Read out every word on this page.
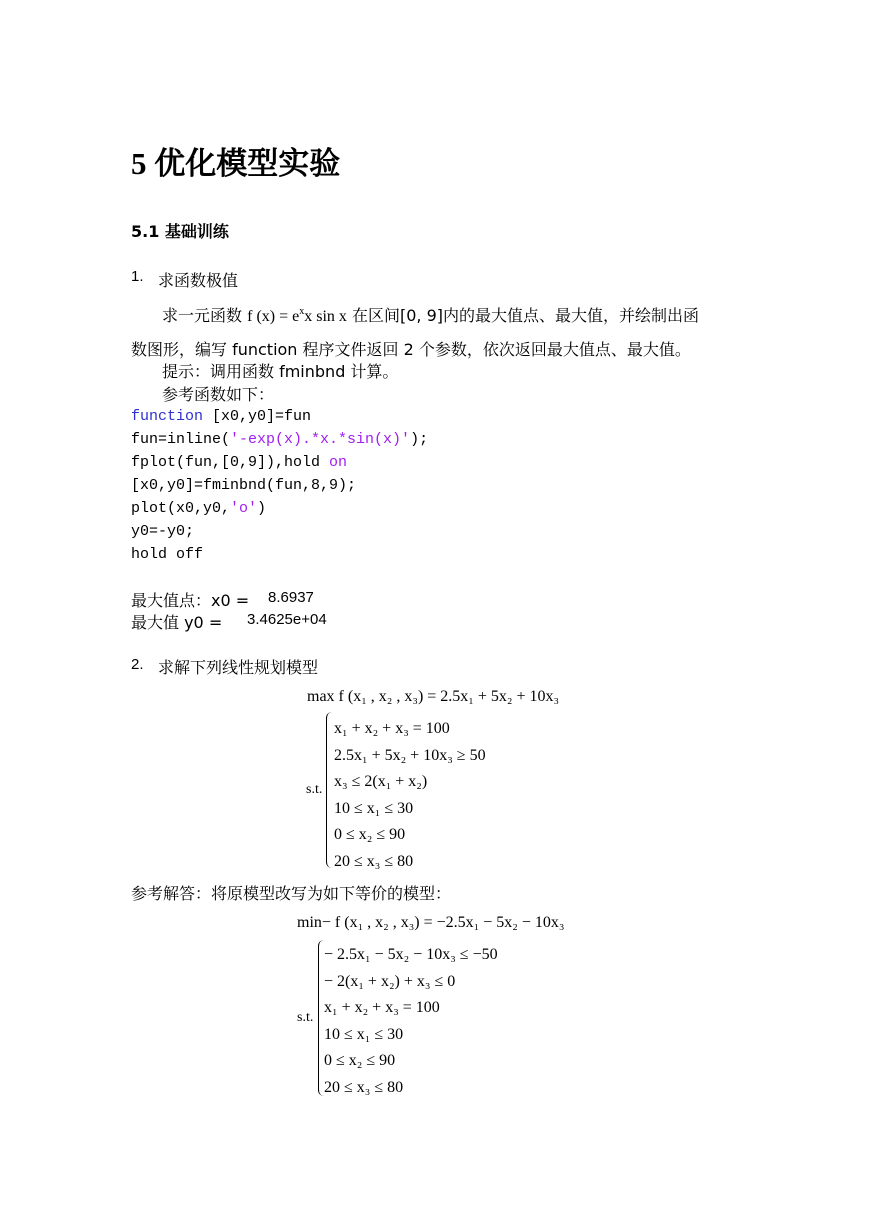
5 优化模型实验
5.1 基础训练
1. 求函数极值
求一元函数 f $(x) = e^xx$ sin x 在区间[0, 9]内的最大值点、最大值，并绘制出函
数图形，编写 function 程序文件返回 2 个参数，依次返回最大值点、最大值。
提示：调用函数 fminbnd 计算。
参考函数如下：
function [x0,y0]=fun
fun=inline('-exp(x).*x.*sin(x)');
fplot(fun,[0,9]),hold on
[x0,y0]=fminbnd(fun,8,9);
plot(x0,y0,'o')
y0=-y0;
hold off
最大值点：x0 = 8.6937
最大值 y0 = 3.4625e+04
2. 求解下列线性规划模型
max f (x₁ , x₂ , x₃) = 2.5x₁ + 5x₂ + 10x₃
s.t.
x₁ + x₂ + x₃ = 100
2.5x₁ + 5x₂ + 10x₃ ≥ 50
x₃ ≤ 2(x₁ + x₂)
10 ≤ x₁ ≤ 30
0 ≤ x₂ ≤ 90
20 ≤ x₃ ≤ 80
参考解答：将原模型改写为如下等价的模型：
min− f (x₁ , x₂ , x₃) = −2.5x₁ − 5x₂ − 10x₃
s.t.
− 2.5x₁ − 5x₂ − 10x₃ ≤ −50
− 2(x₁ + x₂) + x₃ ≤ 0
x₁ + x₂ + x₃ = 100
10 ≤ x₁ ≤ 30
0 ≤ x₂ ≤ 90
20 ≤ x₃ ≤ 80
